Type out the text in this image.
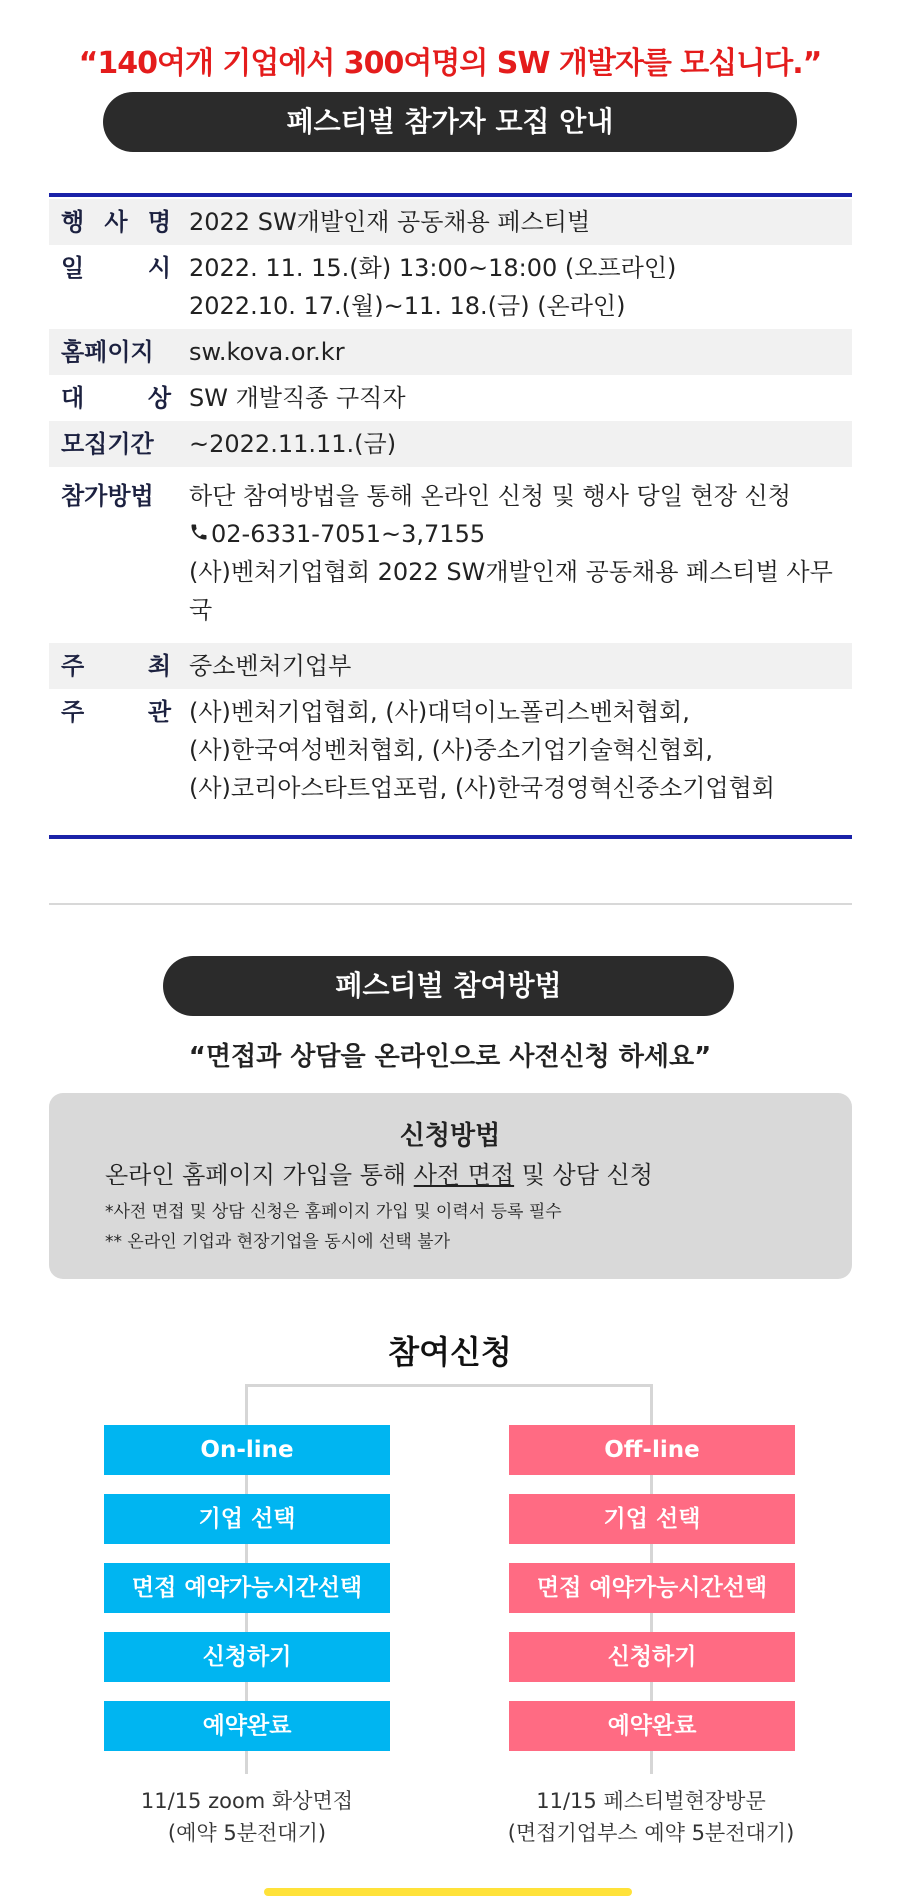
“140여개 기업에서 300여명의 SW 개발자를 모십니다.”
페스티벌 참가자 모집 안내
행 사 명 2022 SW개발인재 공동채용 페스티벌
일	시 2022. 11. 15.(화) 13:00~18:00 (오프라인)
2022.10. 17.(월)~11. 18.(금) (온라인)
홈페이지	sw.kova.or.kr
대	상 SW 개발직종 구직자
모집기간	~2022.11.11.(금)
참가방법	하단 참여방법을 통해 온라인 신청 및 행사 당일 현장 신청
02-6331-7051~3,7155
(사)벤처기업협회 2022 SW개발인재 공동채용 페스티벌 사무국
주	최 중소벤처기업부
주	관 (사)벤처기업협회, (사)대덕이노폴리스벤처협회,
(사)한국여성벤처협회, (사)중소기업기술혁신협회,
(사)코리아스타트업포럼, (사)한국경영혁신중소기업협회
페스티벌 참여방법
“면접과 상담을 온라인으로 사전신청 하세요”
신청방법
온라인 홈페이지 가입을 통해 사전 면접 및 상담 신청
*사전 면접 및 상담 신청은 홈페이지 가입 및 이력서 등록 필수
** 온라인 기업과 현장기업을 동시에 선택 불가
참여신청
On-line
기업 선택
면접 예약가능시간선택
신청하기
예약완료
Off-line
기업 선택
면접 예약가능시간선택
신청하기
예약완료
11/15 zoom 화상면접
(예약 5분전대기)
11/15 페스티벌현장방문
(면접기업부스 예약 5분전대기)
